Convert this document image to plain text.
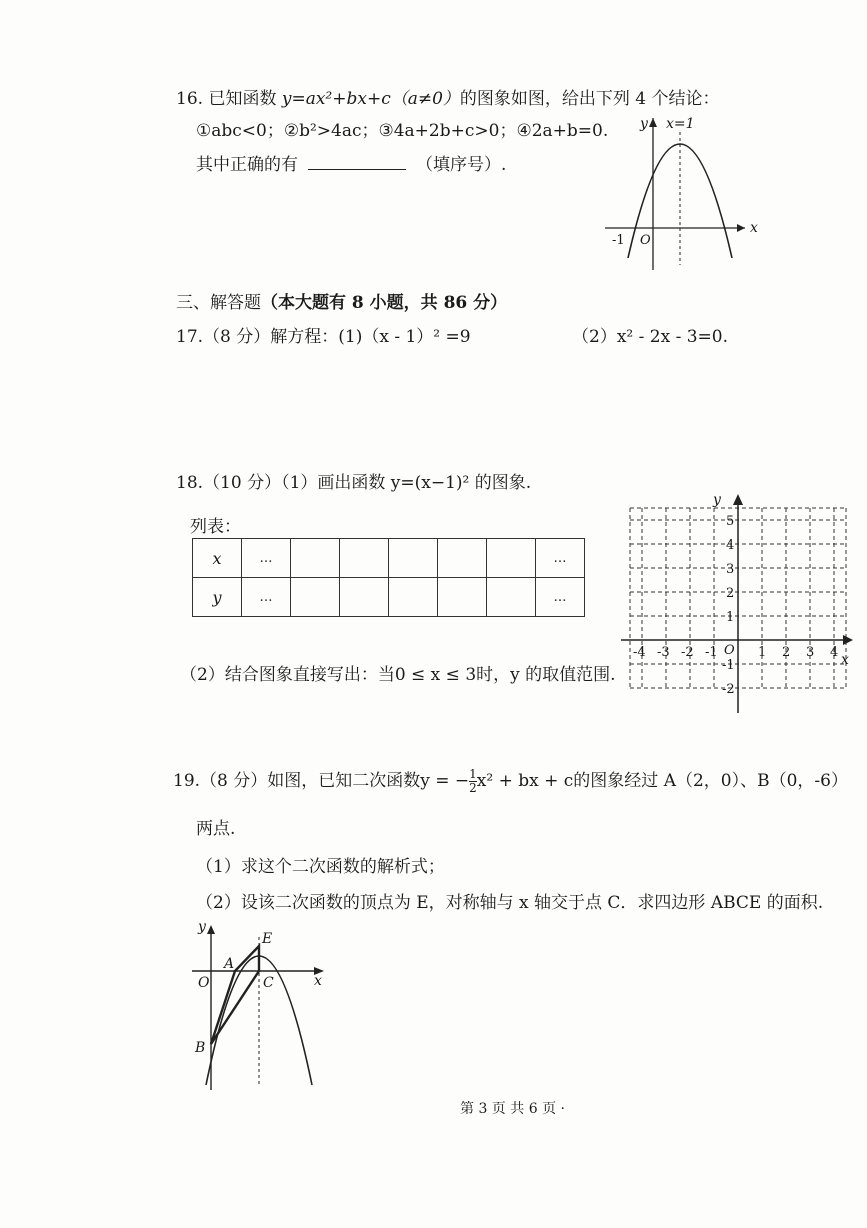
16. 已知函数 y=ax²+bx+c（a≠0）的图象如图，给出下列 4 个结论：
①abc<0；②b²>4ac；③4a+2b+c>0；④2a+b=0.
其中正确的有	（填序号）.
y x=1
x
O
-1
三、解答题（本大题有 8 小题，共 86 分）
17.（8 分）解方程：(1)（x - 1）² =9	（2）x² - 2x - 3=0.
18.（10 分）（1）画出函数 y=(x−1)² 的图象.
列表：
x	…						…
y	…						…
（2）结合图象直接写出：当0 ≤ x ≤ 3时，y 的取值范围.
y
x
O
-4 -3 -2 -1	1 2 3 4
5
4
3
2
1
-1
-2
19.（8 分）如图，已知二次函数y = − $\frac{1}{2} x^2$ + bx + c的图象经过 A（2，0）、B（0，-6）
两点.
（1）求这个二次函数的解析式；
（2）设该二次函数的顶点为 E，对称轴与 x 轴交于点 C．求四边形 ABCE 的面积.
y
x
O
A
B
C
E
第 3 页 共 6 页 ·
